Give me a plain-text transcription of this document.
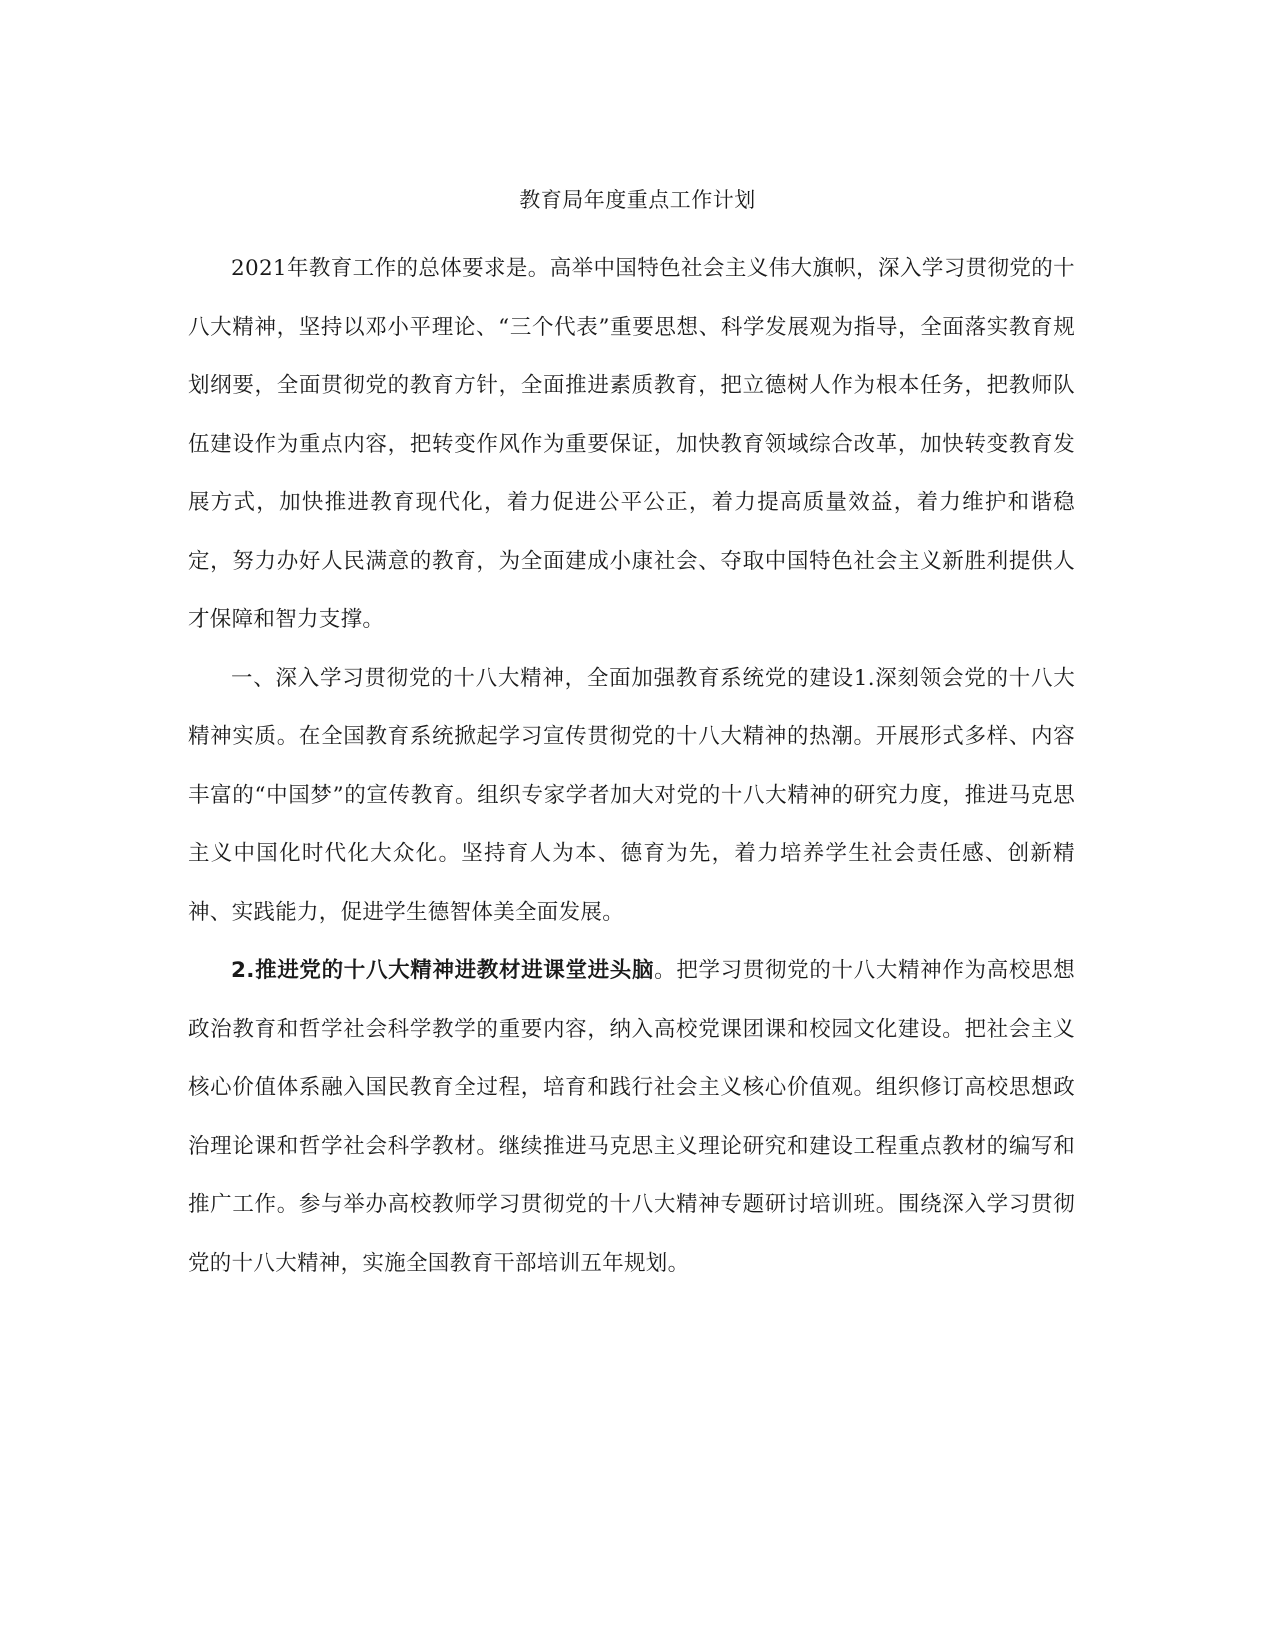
教育局年度重点工作计划

2021年教育工作的总体要求是。高举中国特色社会主义伟大旗帜，深入学习贯彻党的十八大精神，坚持以邓小平理论、“三个代表”重要思想、科学发展观为指导，全面落实教育规划纲要，全面贯彻党的教育方针，全面推进素质教育，把立德树人作为根本任务，把教师队伍建设作为重点内容，把转变作风作为重要保证，加快教育领域综合改革，加快转变教育发展方式，加快推进教育现代化，着力促进公平公正，着力提高质量效益，着力维护和谐稳定，努力办好人民满意的教育，为全面建成小康社会、夺取中国特色社会主义新胜利提供人才保障和智力支撑。

一、深入学习贯彻党的十八大精神，全面加强教育系统党的建设1.深刻领会党的十八大精神实质。在全国教育系统掀起学习宣传贯彻党的十八大精神的热潮。开展形式多样、内容丰富的“中国梦”的宣传教育。组织专家学者加大对党的十八大精神的研究力度，推进马克思主义中国化时代化大众化。坚持育人为本、德育为先，着力培养学生社会责任感、创新精神、实践能力，促进学生德智体美全面发展。

2.推进党的十八大精神进教材进课堂进头脑。把学习贯彻党的十八大精神作为高校思想政治教育和哲学社会科学教学的重要内容，纳入高校党课团课和校园文化建设。把社会主义核心价值体系融入国民教育全过程，培育和践行社会主义核心价值观。组织修订高校思想政治理论课和哲学社会科学教材。继续推进马克思主义理论研究和建设工程重点教材的编写和推广工作。参与举办高校教师学习贯彻党的十八大精神专题研讨培训班。围绕深入学习贯彻党的十八大精神，实施全国教育干部培训五年规划。
